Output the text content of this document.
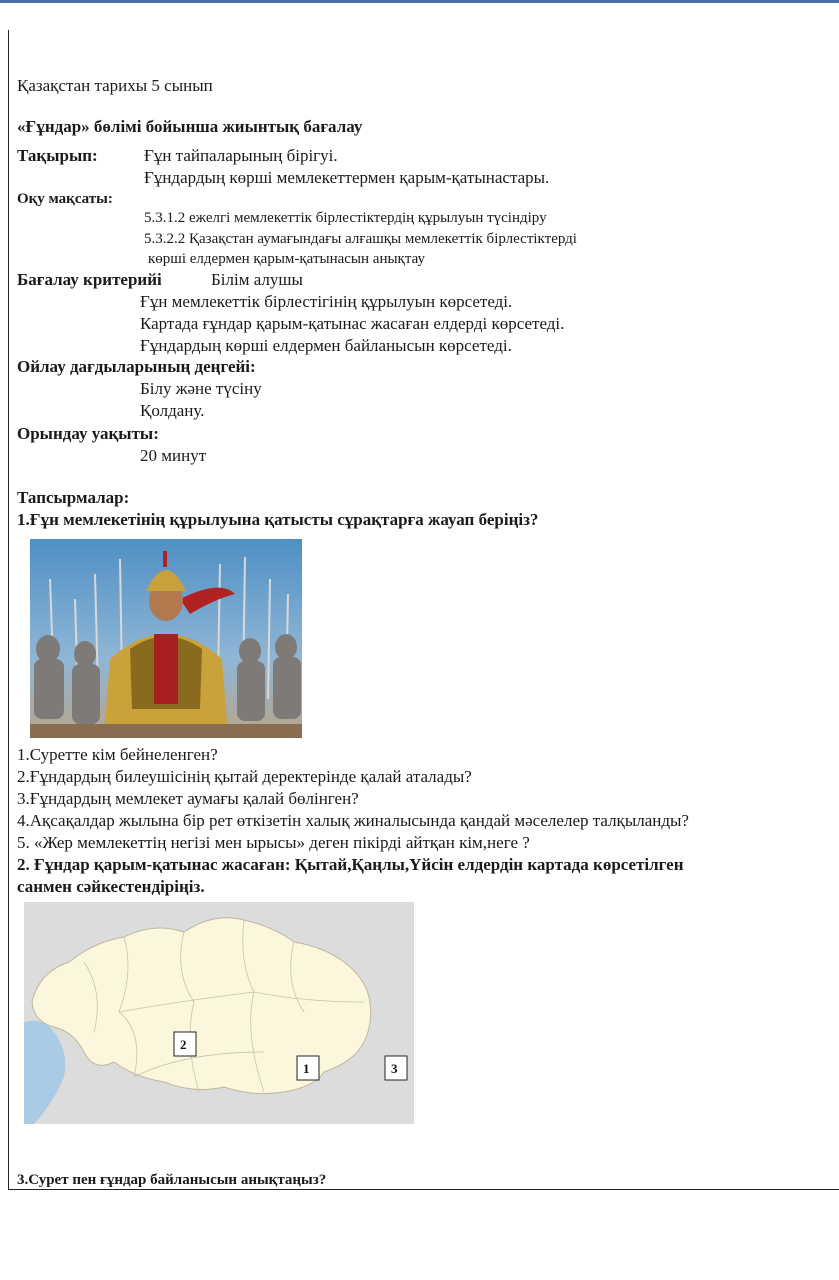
Қазақстан тарихы 5 сынып
«Ғұндар» бөлімі бойынша жиынтық бағалау
Тақырып:	Ғұн тайпаларының бірігуі.
Ғұндардың көрші мемлекеттермен қарым-қатынастары.
Оқу мақсаты:
5.3.1.2 ежелгі мемлекеттік бірлестіктердің құрылуын түсіндіру
5.3.2.2 Қазақстан аумағындағы алғашқы мемлекеттік бірлестіктерді
көрші елдермен қарым-қатынасын анықтау
Бағалау критерийі	Білім алушы
Ғұн мемлекеттік бірлестігінің құрылуын көрсетеді.
Картада ғұндар қарым-қатынас жасаған елдерді көрсетеді.
Ғұндардың көрші елдермен байланысын көрсетеді.
Ойлау дағдыларының деңгейі:
Білу және түсіну
Қолдану.
Орындау уақыты:
20 минут
Тапсырмалар:
1.Ғұн мемлекетінің құрылуына қатысты сұрақтарға жауап беріңіз?
1.Суретте кім бейнеленген?
2.Ғұндардың билеушісінің қытай деректерінде қалай аталады?
3.Ғұндардың мемлекет аумағы қалай бөлінген?
4.Ақсақалдар жылына бір рет өткізетін халық жиналысында қандай мәселелер талқыланды?
5. «Жер мемлекеттің негізі мен ырысы» деген пікірді айтқан кім,неге ?
2. Ғұндар қарым-қатынас жасаған: Қытай,Қаңлы,Үйсін елдердін картада көрсетілген
санмен сәйкестендіріңіз.
2
1	3
3.Сурет пен ғұндар байланысын анықтаңыз?
